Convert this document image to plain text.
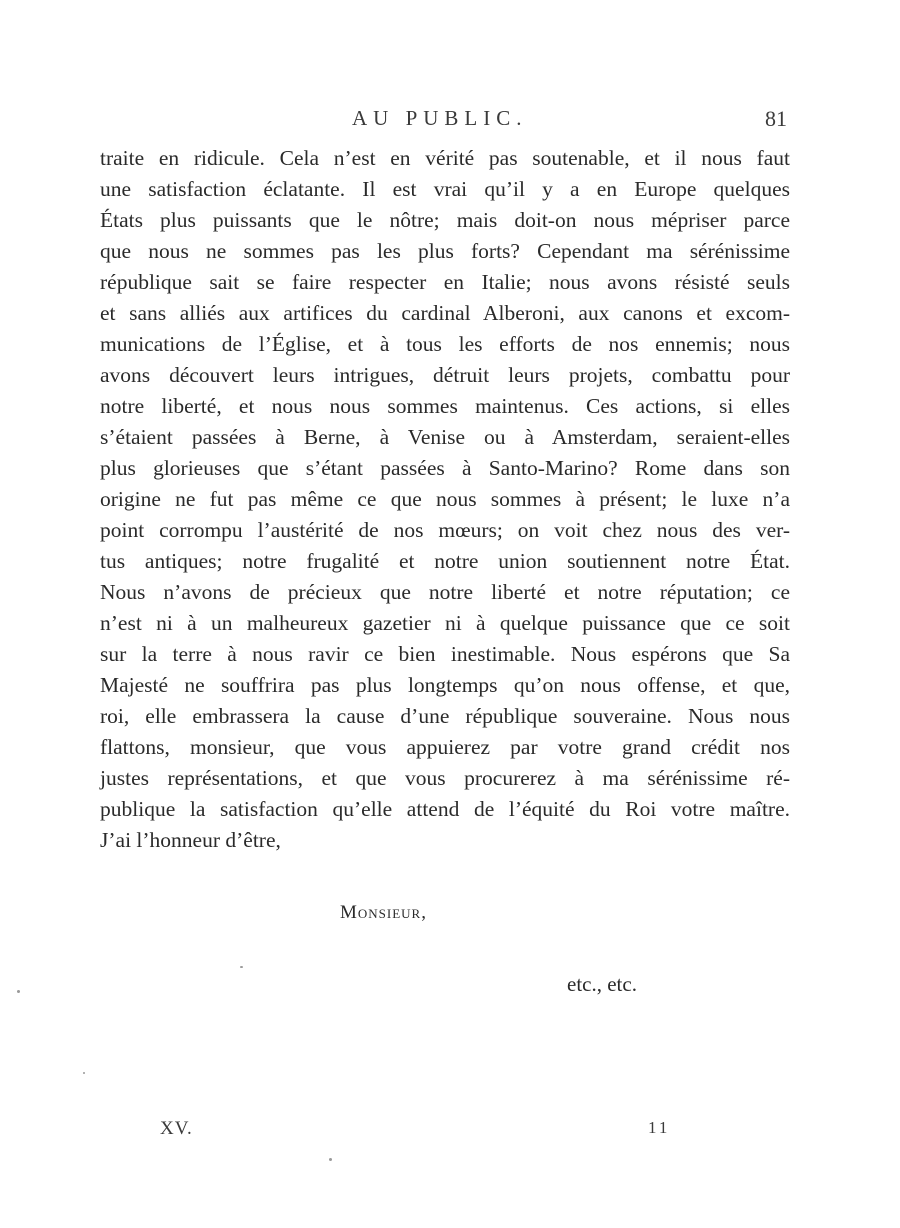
AU PUBLIC.	81
traite en ridicule. Cela n’est en vérité pas soutenable, et il nous faut
une satisfaction éclatante. Il est vrai qu’il y a en Europe quelques
États plus puissants que le nôtre; mais doit-on nous mépriser parce
que nous ne sommes pas les plus forts? Cependant ma sérénissime
république sait se faire respecter en Italie; nous avons résisté seuls
et sans alliés aux artifices du cardinal Alberoni, aux canons et excom-
munications de l’Église, et à tous les efforts de nos ennemis; nous
avons découvert leurs intrigues, détruit leurs projets, combattu pour
notre liberté, et nous nous sommes maintenus. Ces actions, si elles
s’étaient passées à Berne, à Venise ou à Amsterdam, seraient-elles
plus glorieuses que s’étant passées à Santo-Marino? Rome dans son
origine ne fut pas même ce que nous sommes à présent; le luxe n’a
point corrompu l’austérité de nos mœurs; on voit chez nous des ver-
tus antiques; notre frugalité et notre union soutiennent notre État.
Nous n’avons de précieux que notre liberté et notre réputation; ce
n’est ni à un malheureux gazetier ni à quelque puissance que ce soit
sur la terre à nous ravir ce bien inestimable. Nous espérons que Sa
Majesté ne souffrira pas plus longtemps qu’on nous offense, et que,
roi, elle embrassera la cause d’une république souveraine. Nous nous
flattons, monsieur, que vous appuierez par votre grand crédit nos
justes représentations, et que vous procurerez à ma sérénissime ré-
publique la satisfaction qu’elle attend de l’équité du Roi votre maître.
J’ai l’honneur d’être,
Monsieur,
etc., etc.
XV.	11
